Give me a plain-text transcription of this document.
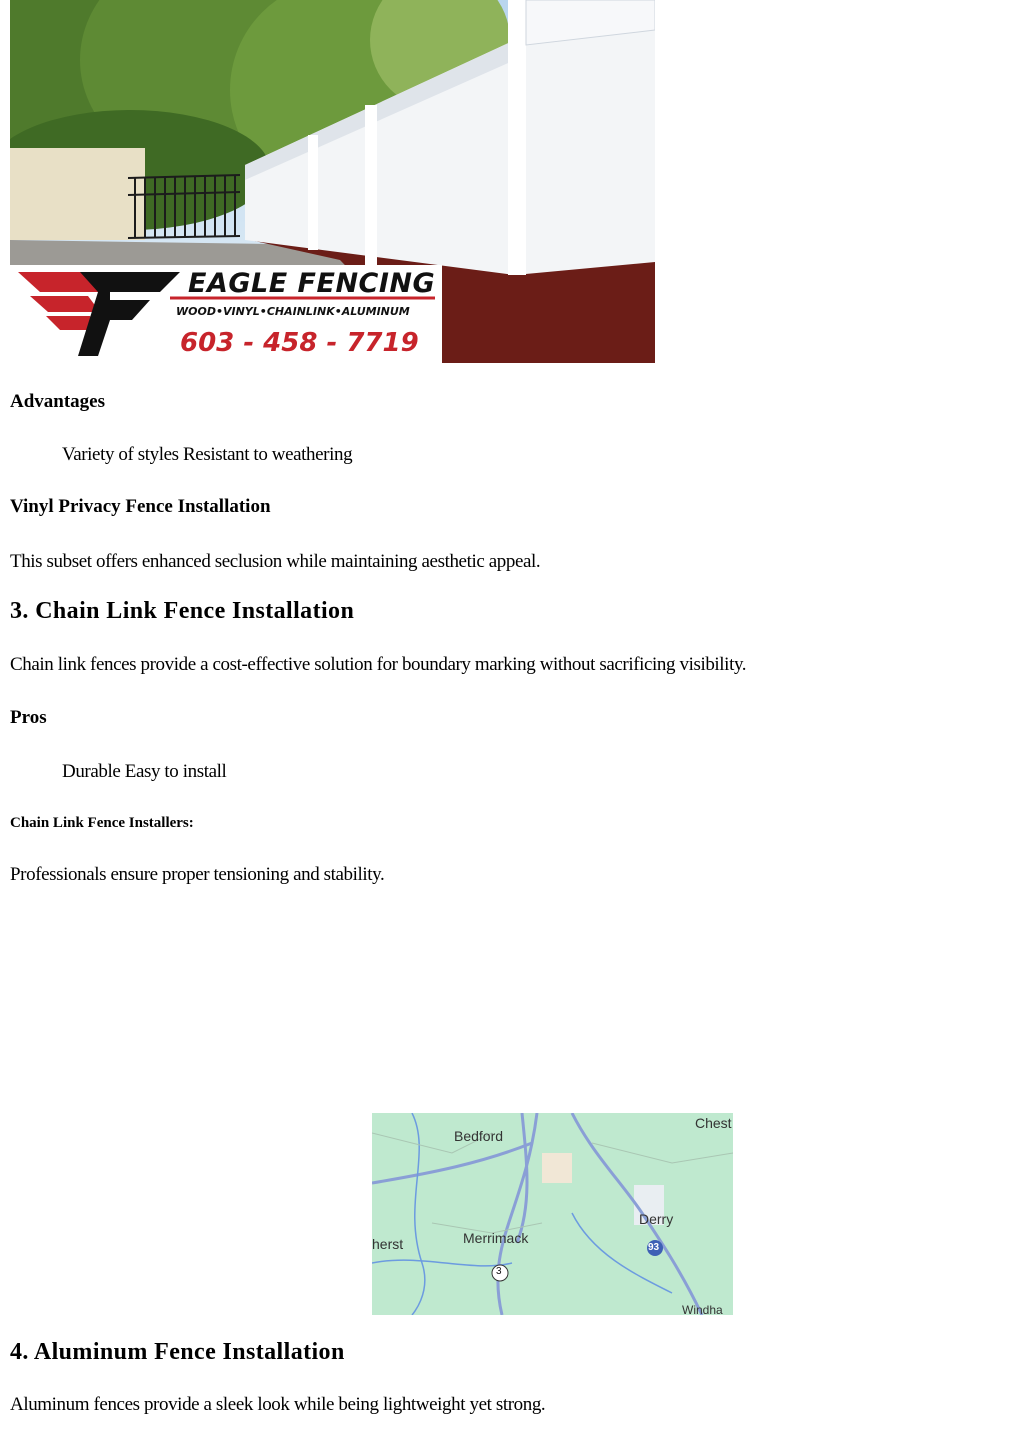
EAGLE FENCING
WOOD•VINYL•CHAINLINK•ALUMINUM
603 - 458 - 7719
Advantages
Variety of styles Resistant to weathering
Vinyl Privacy Fence Installation
This subset offers enhanced seclusion while maintaining aesthetic appeal.
3. Chain Link Fence Installation
Chain link fences provide a cost-effective solution for boundary marking without sacrificing visibility.
Pros
Durable Easy to install
Chain Link Fence Installers:
Professionals ensure proper tensioning and stability.
Bedford
Chest
Derry
herst	Merrimack
3
93
Windha
4. Aluminum Fence Installation
Aluminum fences provide a sleek look while being lightweight yet strong.
